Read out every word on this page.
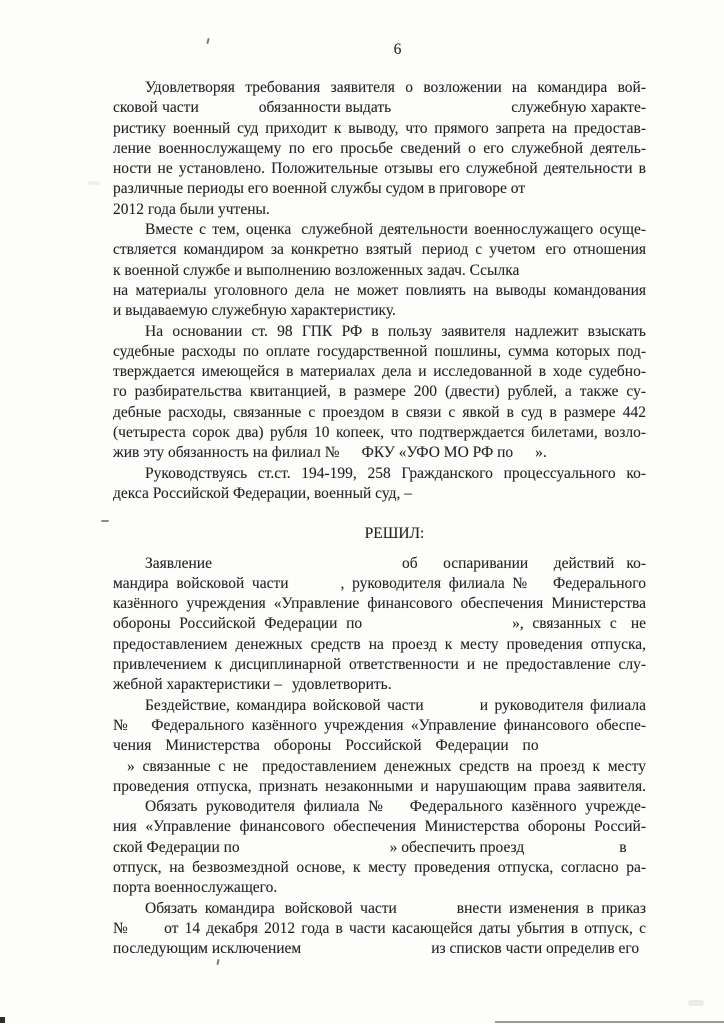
6
Удовлетворяя требования заявителя о возложении на командира вой-
сковой части	обязанности выдать	служебную характе-
ристику военный суд приходит к выводу, что прямого запрета на предостав-
ление военнослужащему по его просьбе сведений о его служебной деятель-
ности не установлено. Положительные отзывы его служебной деятельности в
различные периоды его военной службы судом в приговоре от
2012 года были учтены.
Вместе с тем, оценка служебной деятельности военнослужащего осуще-
ствляется командиром за конкретно взятый период с учетом его отношения
к военной службе и выполнению возложенных задач. Ссылка
на материалы уголовного дела не может повлиять на выводы командования
и выдаваемую служебную характеристику.
На основании ст. 98 ГПК РФ в пользу заявителя надлежит взыскать
судебные расходы по оплате государственной пошлины, сумма которых под-
тверждается имеющейся в материалах дела и исследованной в ходе судебно-
го разбирательства квитанцией, в размере 200 (двести) рублей, а также су-
дебные расходы, связанные с проездом в связи с явкой в суд в размере 442
(четыреста сорок два) рубля 10 копеек, что подтверждается билетами, возло-
жив эту обязанность на филиал № ФКУ «УФО МО РФ по ».
Руководствуясь ст.ст. 194-199, 258 Гражданского процессуального ко-
декса Российской Федерации, военный суд, –
РЕШИЛ:
Заявление	об оспаривании действий ко-
мандира войсковой части	, руководителя филиала № Федерального
казённого учреждения «Управление финансового обеспечения Министерства
обороны Российской Федерации по	», связанных с не
предоставлением денежных средств на проезд к месту проведения отпуска,
привлечением к дисциплинарной ответственности и не предоставление слу-
жебной характеристики – удовлетворить.
Бездействие, командира войсковой части	и руководителя филиала
№ Федерального казённого учреждения «Управление финансового обеспе-
чения Министерства обороны Российской Федерации по
» связанные с не предоставлением денежных средств на проезд к месту
проведения отпуска, признать незаконными и нарушающим права заявителя.
Обязать руководителя филиала № Федерального казённого учрежде-
ния «Управление финансового обеспечения Министерства обороны Россий-
ской Федерации по	» обеспечить проезд	в
отпуск, на безвозмездной основе, к месту проведения отпуска, согласно ра-
порта военнослужащего.
Обязать командира войсковой части	внести изменения в приказ
№ от 14 декабря 2012 года в части касающейся даты убытия в отпуск, с
последующим исключением	из списков части определив его
